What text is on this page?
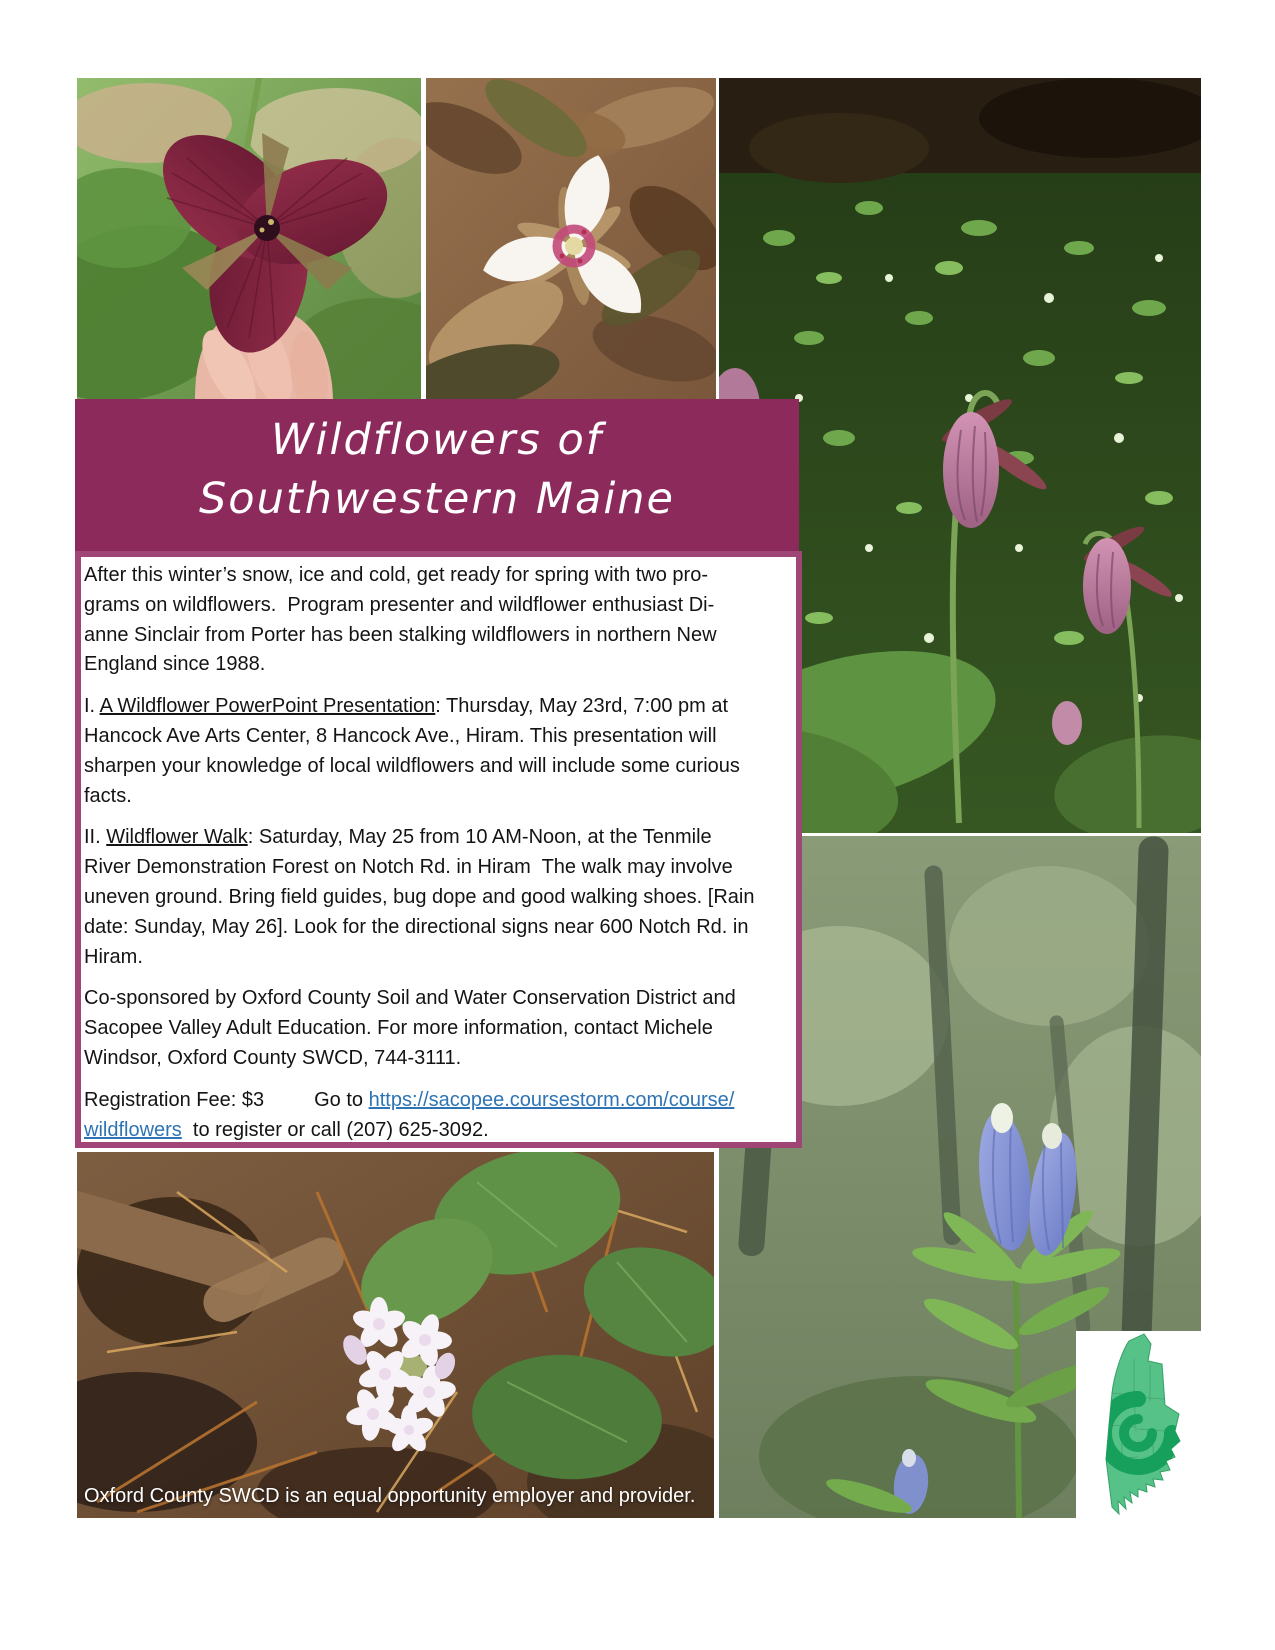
Oxford County SWCD is an equal opportunity employer and provider.
Wildflowers of
Southwestern Maine
After this winter’s snow, ice and cold, get ready for spring with two pro-
grams on wildflowers.  Program presenter and wildflower enthusiast Di-
anne Sinclair from Porter has been stalking wildflowers in northern New
England since 1988.
I. A Wildflower PowerPoint Presentation: Thursday, May 23rd, 7:00 pm at
Hancock Ave Arts Center, 8 Hancock Ave., Hiram. This presentation will
sharpen your knowledge of local wildflowers and will include some curious
facts.
II. Wildflower Walk: Saturday, May 25 from 10 AM-Noon, at the Tenmile
River Demonstration Forest on Notch Rd. in Hiram  The walk may involve
uneven ground. Bring field guides, bug dope and good walking shoes. [Rain
date: Sunday, May 26]. Look for the directional signs near 600 Notch Rd. in
Hiram.
Co-sponsored by Oxford County Soil and Water Conservation District and
Sacopee Valley Adult Education. For more information, contact Michele
Windsor, Oxford County SWCD, 744-3111.
Registration Fee: $3	Go to https://sacopee.coursestorm.com/course/
wildflowers  to register or call (207) 625-3092.
